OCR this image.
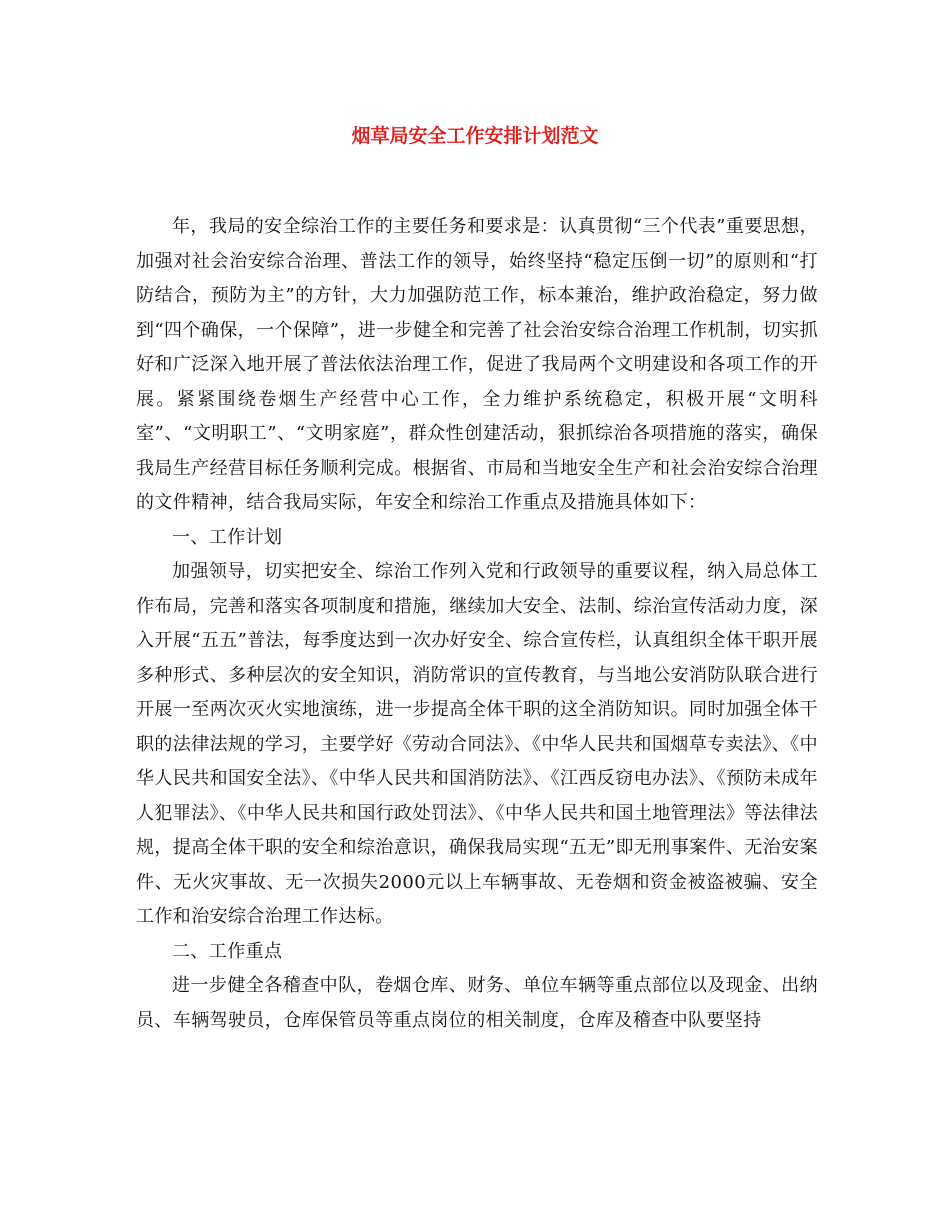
烟草局安全工作安排计划范文

年，我局的安全综治工作的主要任务和要求是：认真贯彻“三个代表”重要思想，加强对社会治安综合治理、普法工作的领导，始终坚持“稳定压倒一切”的原则和“打防结合，预防为主”的方针，大力加强防范工作，标本兼治，维护政治稳定，努力做到“四个确保，一个保障”，进一步健全和完善了社会治安综合治理工作机制，切实抓好和广泛深入地开展了普法依法治理工作，促进了我局两个文明建设和各项工作的开展。紧紧围绕卷烟生产经营中心工作，全力维护系统稳定，积极开展“文明科室”、“文明职工”、“文明家庭”，群众性创建活动，狠抓综治各项措施的落实，确保我局生产经营目标任务顺利完成。根据省、市局和当地安全生产和社会治安综合治理的文件精神，结合我局实际，年安全和综治工作重点及措施具体如下：

一、工作计划

加强领导，切实把安全、综治工作列入党和行政领导的重要议程，纳入局总体工作布局，完善和落实各项制度和措施，继续加大安全、法制、综治宣传活动力度，深入开展“五五”普法，每季度达到一次办好安全、综合宣传栏，认真组织全体干职开展多种形式、多种层次的安全知识，消防常识的宣传教育，与当地公安消防队联合进行开展一至两次灭火实地演练，进一步提高全体干职的这全消防知识。同时加强全体干职的法律法规的学习，主要学好《劳动合同法》、《中华人民共和国烟草专卖法》、《中华人民共和国安全法》、《中华人民共和国消防法》、《江西反窃电办法》、《预防未成年人犯罪法》、《中华人民共和国行政处罚法》、《中华人民共和国土地管理法》等法律法规，提高全体干职的安全和综治意识，确保我局实现“五无”即无刑事案件、无治安案件、无火灾事故、无一次损失2000元以上车辆事故、无卷烟和资金被盗被骗、安全工作和治安综合治理工作达标。

二、工作重点

进一步健全各稽查中队，卷烟仓库、财务、单位车辆等重点部位以及现金、出纳员、车辆驾驶员，仓库保管员等重点岗位的相关制度，仓库及稽查中队要坚持
